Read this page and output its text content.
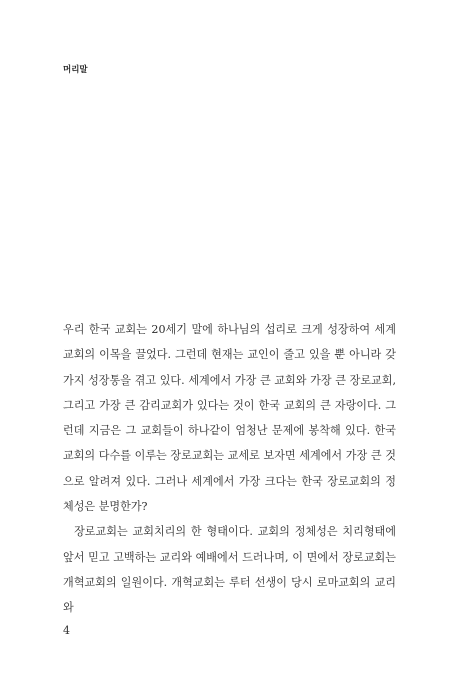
머리말

우리 한국 교회는 20세기 말에 하나님의 섭리로 크게 성장하여 세계교회의 이목을 끌었다. 그런데 현재는 교인이 줄고 있을 뿐 아니라 갖가지 성장통을 겪고 있다. 세계에서 가장 큰 교회와 가장 큰 장로교회, 그리고 가장 큰 감리교회가 있다는 것이 한국 교회의 큰 자랑이다. 그런데 지금은 그 교회들이 하나같이 엄청난 문제에 봉착해 있다. 한국 교회의 다수를 이루는 장로교회는 교세로 보자면 세계에서 가장 큰 것으로 알려져 있다. 그러나 세계에서 가장 크다는 한국 장로교회의 정체성은 분명한가?

장로교회는 교회치리의 한 형태이다. 교회의 정체성은 치리형태에 앞서 믿고 고백하는 교리와 예배에서 드러나며, 이 면에서 장로교회는 개혁교회의 일원이다. 개혁교회는 루터 선생이 당시 로마교회의 교리와

4
